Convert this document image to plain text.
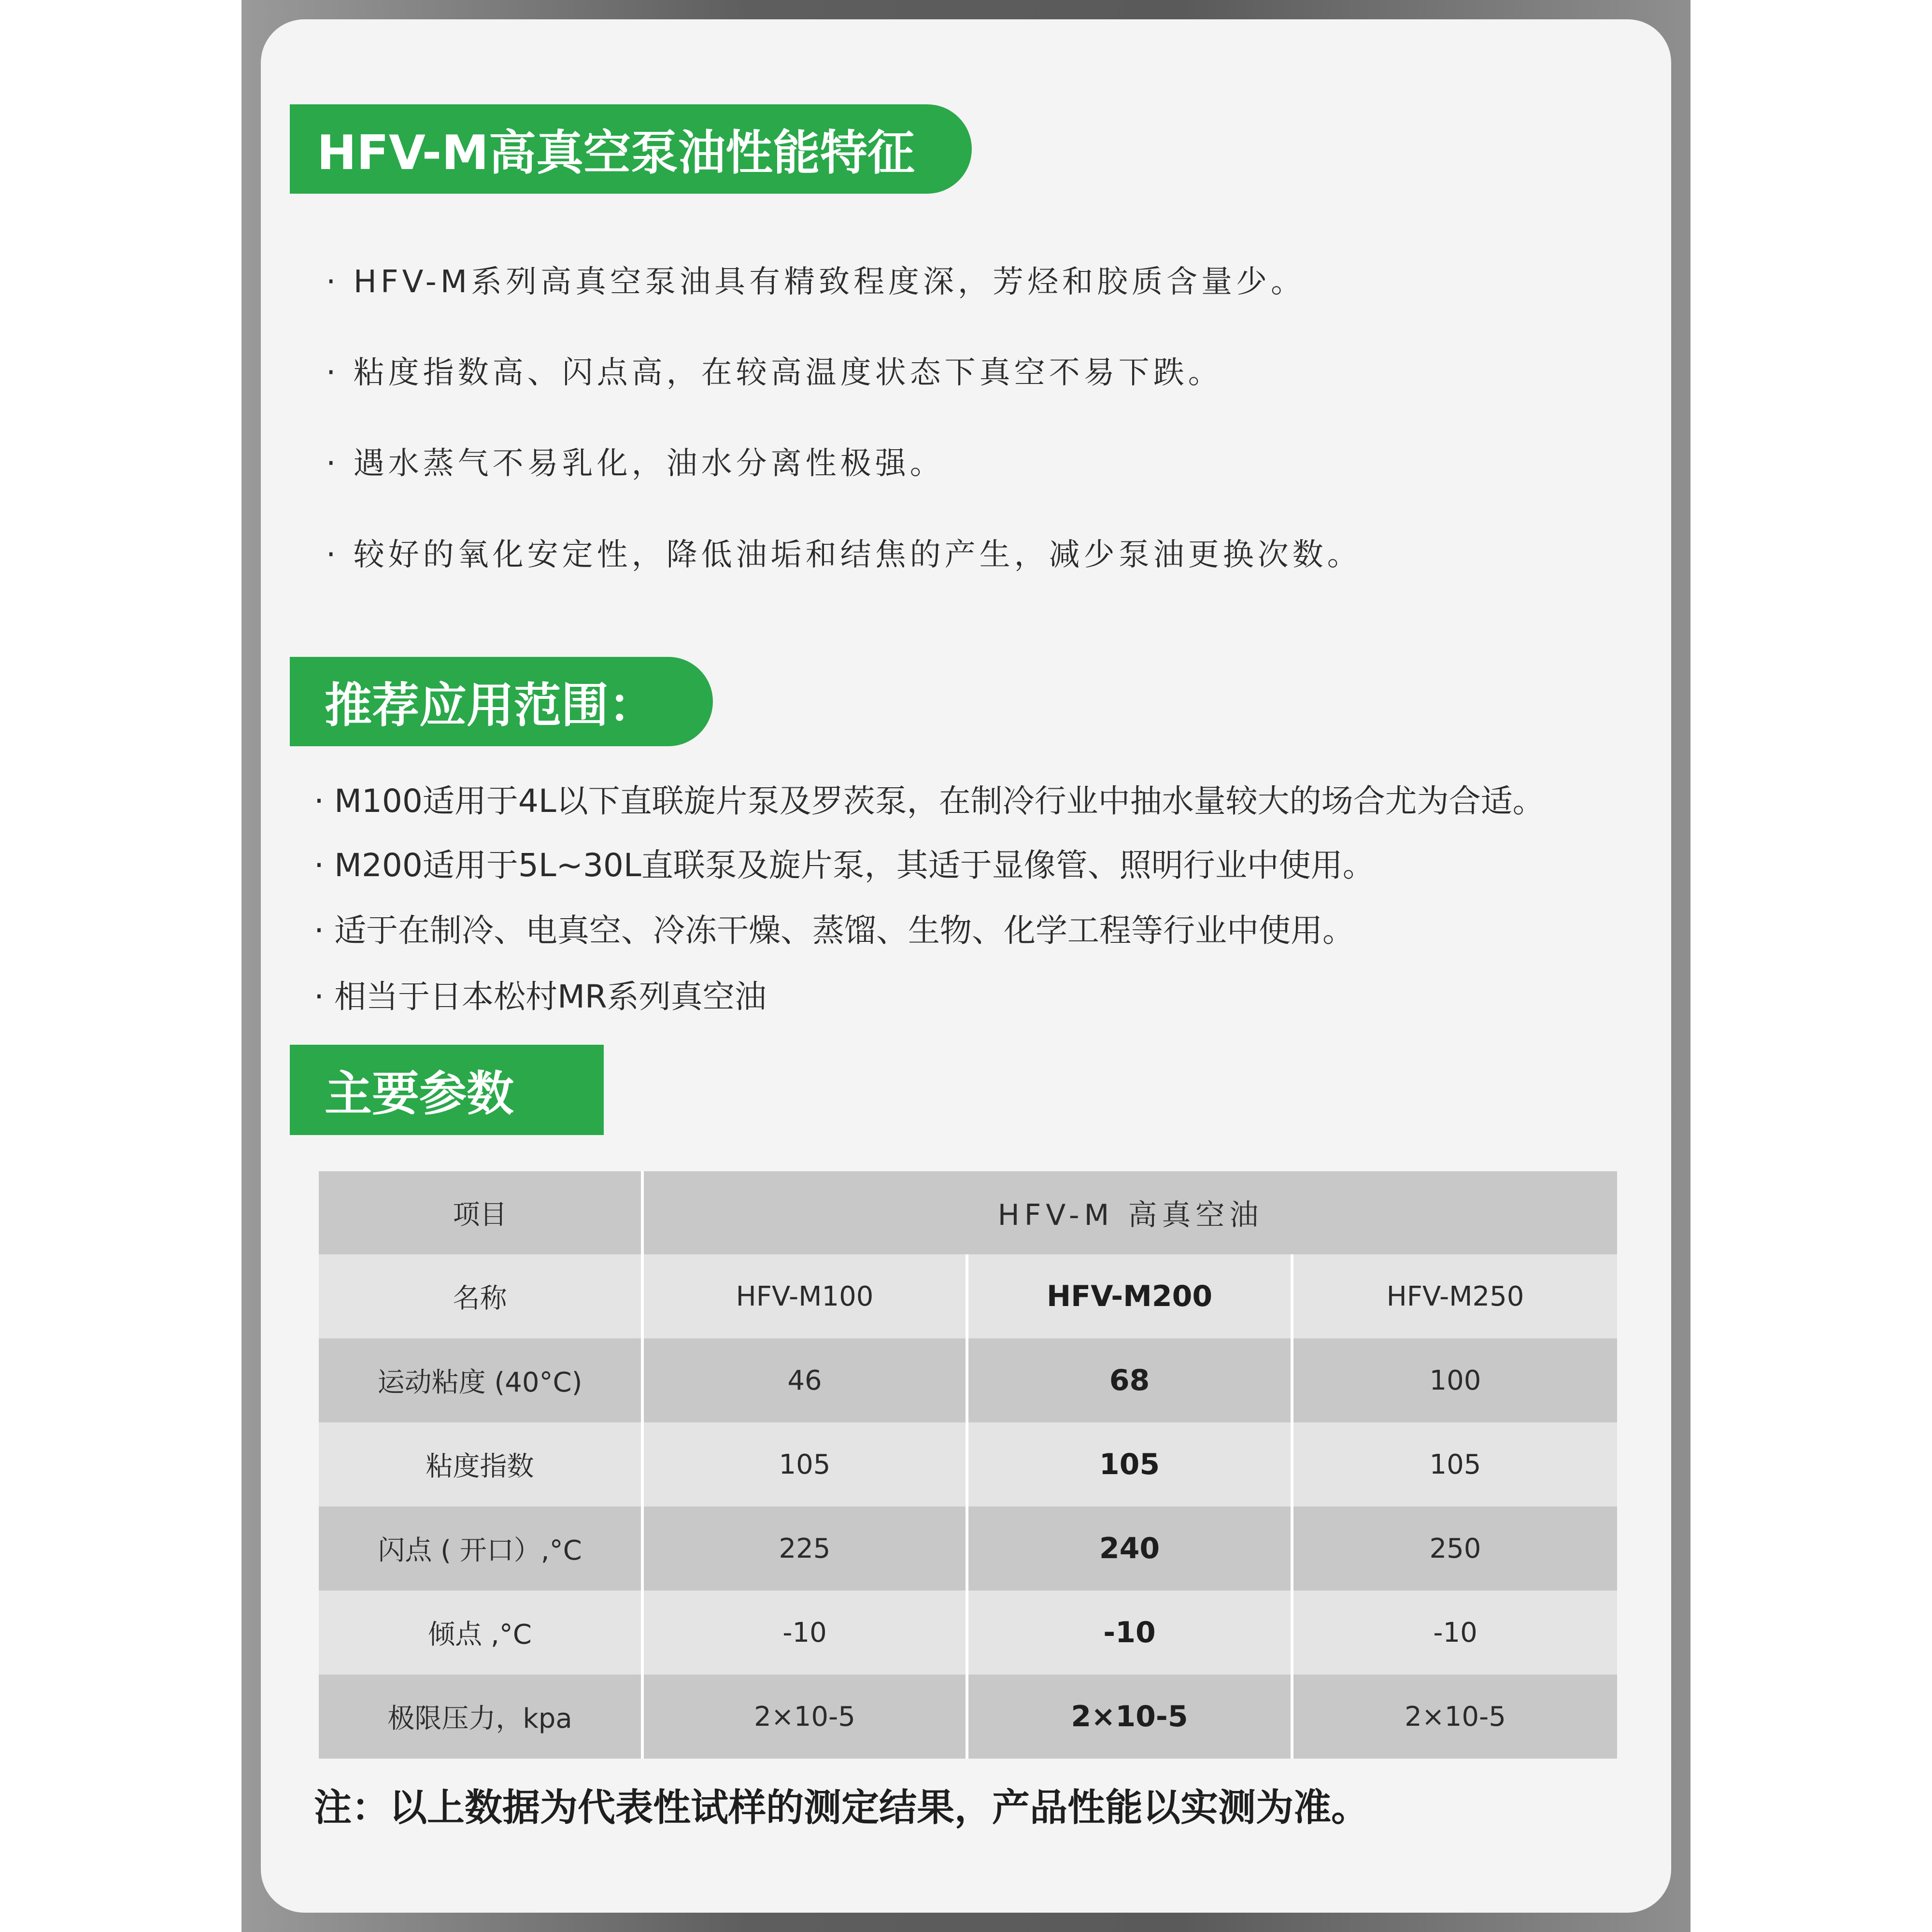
HFV-M高真空泵油性能特征
· HFV-M系列高真空泵油具有精致程度深，芳烃和胶质含量少。
· 粘度指数高、闪点高，在较高温度状态下真空不易下跌。
· 遇水蒸气不易乳化，油水分离性极强。
· 较好的氧化安定性，降低油垢和结焦的产生，减少泵油更换次数。
推荐应用范围：
· M100适用于4L以下直联旋片泵及罗茨泵，在制冷行业中抽水量较大的场合尤为合适。
· M200适用于5L~30L直联泵及旋片泵，其适于显像管、照明行业中使用。
· 适于在制冷、电真空、冷冻干燥、蒸馏、生物、化学工程等行业中使用。
· 相当于日本松村MR系列真空油
主要参数
项目	HFV-M 高真空油		
名称	HFV-M100	HFV-M200	HFV-M250
运动粘度 (40°C)	46	68	100
粘度指数	105	105	105
闪点 ( 开口）,°C	225	240	250
倾点 ,°C	-10	-10	-10
极限压力，kpa	2×10-5	2×10-5	2×10-5
注：以上数据为代表性试样的测定结果，产品性能以实测为准。
